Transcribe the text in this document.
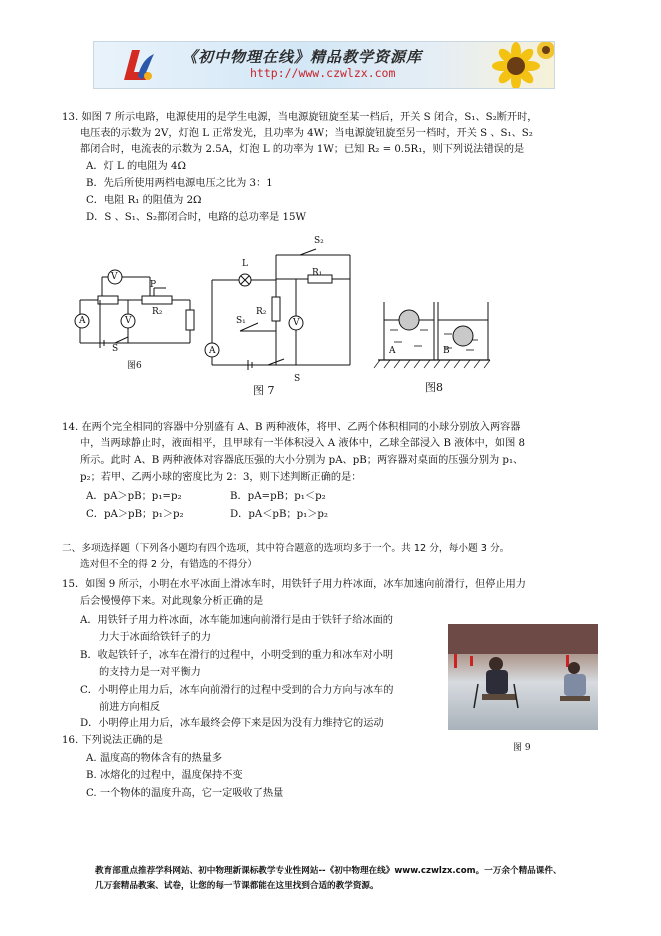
《初中物理在线》精品教学资源库
http://www.czwlzx.com
13. 如图 7 所示电路，电源使用的是学生电源，当电源旋钮旋至某一档后，开关 S 闭合，S₁、S₂断开时，
电压表的示数为 2V，灯泡 L 正常发光，且功率为 4W；当电源旋钮旋至另一档时，开关 S 、S₁、S₂
都闭合时，电流表的示数为 2.5A，灯泡 L 的功率为 1W；已知 R₂ = 0.5R₁，则下列说法错误的是
A．灯 L 的电阻为 4Ω
B．先后所使用两档电源电压之比为 3：1
C．电阻 R₁ 的阻值为 2Ω
D．S 、S₁、S₂都闭合时，电路的总功率是 15W
V
P
R₂
A	V
S
图6
S₂
L
R₁
R₂
S₁	V
A
S
图 7
A	B
图8
14. 在两个完全相同的容器中分别盛有 A、B 两种液体，将甲、乙两个体积相同的小球分别放入两容器
中，当两球静止时，液面相平，且甲球有一半体积浸入 A 液体中，乙球全部浸入 B 液体中，如图 8
所示。此时 A、B 两种液体对容器底压强的大小分别为 pA、pB；两容器对桌面的压强分别为 p₁、
p₂；若甲、乙两小球的密度比为 2：3，则下述判断正确的是：
A．pA＞pB；p₁=p₂	B．pA=pB；p₁＜p₂
C．pA＞pB；p₁＞p₂	D．pA＜pB；p₁＞p₂
二、多项选择题（下列各小题均有四个选项，其中符合题意的选项均多于一个。共 12 分，每小题 3 分。
选对但不全的得 2 分，有错选的不得分）
15．如图 9 所示，小明在水平冰面上滑冰车时，用铁钎子用力杵冰面，冰车加速向前滑行，但停止用力
后会慢慢停下来。对此现象分析正确的是
A．用铁钎子用力杵冰面，冰车能加速向前滑行是由于铁钎子给冰面的
力大于冰面给铁钎子的力
B．收起铁钎子，冰车在滑行的过程中，小明受到的重力和冰车对小明
的支持力是一对平衡力
C．小明停止用力后，冰车向前滑行的过程中受到的合力方向与冰车的
前进方向相反
D．小明停止用力后，冰车最终会停下来是因为没有力维持它的运动
图 9
16. 下列说法正确的是
A. 温度高的物体含有的热量多
B. 冰熔化的过程中，温度保持不变
C. 一个物体的温度升高，它一定吸收了热量
教育部重点推荐学科网站、初中物理新课标教学专业性网站--《初中物理在线》www.czwlzx.com。一万余个精品课件、
几万套精品教案、试卷，让您的每一节课都能在这里找到合适的教学资源。
